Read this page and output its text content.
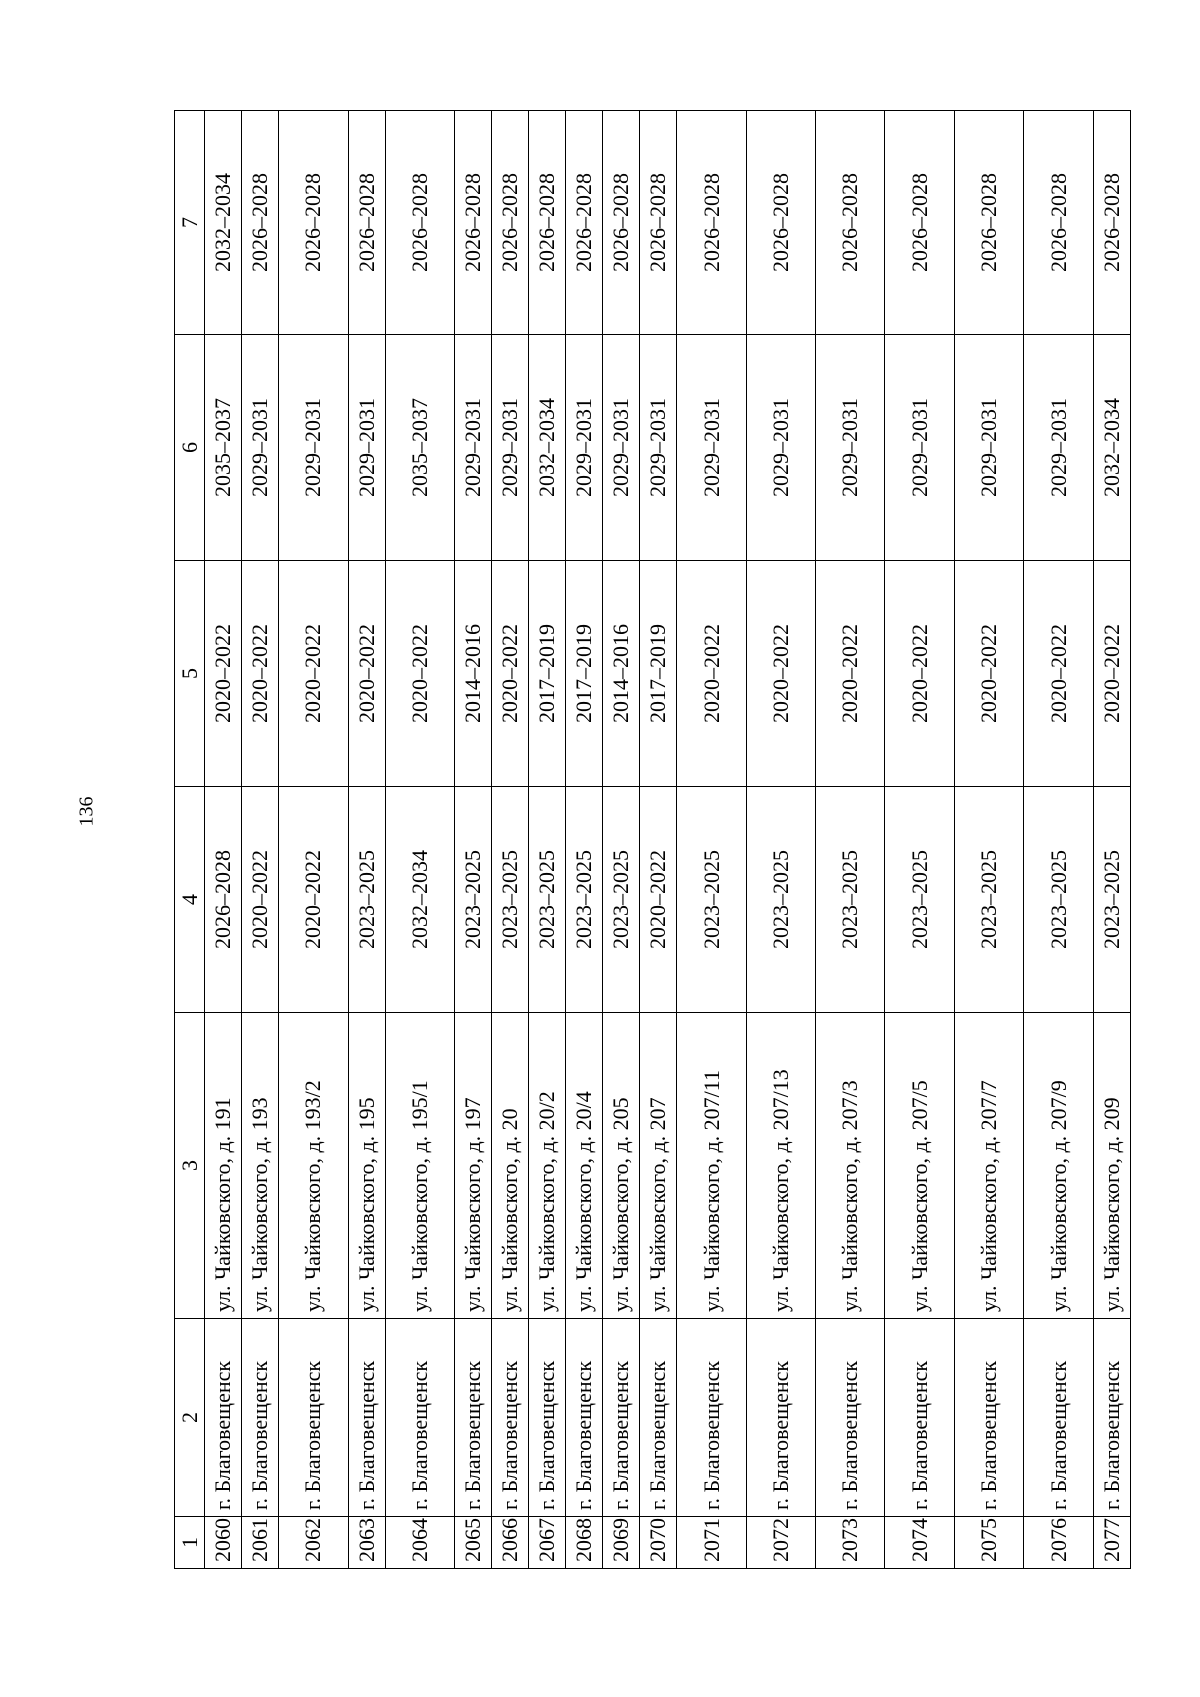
136
1	2	3	4	5	6	7
2060	г. Благовещенск	ул. Чайковского, д. 191	2026–2028	2020–2022	2035–2037	2032–2034
2061	г. Благовещенск	ул. Чайковского, д. 193	2020–2022	2020–2022	2029–2031	2026–2028
2062	г. Благовещенск	ул. Чайковского, д. 193/2	2020–2022	2020–2022	2029–2031	2026–2028
2063	г. Благовещенск	ул. Чайковского, д. 195	2023–2025	2020–2022	2029–2031	2026–2028
2064	г. Благовещенск	ул. Чайковского, д. 195/1	2032–2034	2020–2022	2035–2037	2026–2028
2065	г. Благовещенск	ул. Чайковского, д. 197	2023–2025	2014–2016	2029–2031	2026–2028
2066	г. Благовещенск	ул. Чайковского, д. 20	2023–2025	2020–2022	2029–2031	2026–2028
2067	г. Благовещенск	ул. Чайковского, д. 20/2	2023–2025	2017–2019	2032–2034	2026–2028
2068	г. Благовещенск	ул. Чайковского, д. 20/4	2023–2025	2017–2019	2029–2031	2026–2028
2069	г. Благовещенск	ул. Чайковского, д. 205	2023–2025	2014–2016	2029–2031	2026–2028
2070	г. Благовещенск	ул. Чайковского, д. 207	2020–2022	2017–2019	2029–2031	2026–2028
2071	г. Благовещенск	ул. Чайковского, д. 207/11	2023–2025	2020–2022	2029–2031	2026–2028
2072	г. Благовещенск	ул. Чайковского, д. 207/13	2023–2025	2020–2022	2029–2031	2026–2028
2073	г. Благовещенск	ул. Чайковского, д. 207/3	2023–2025	2020–2022	2029–2031	2026–2028
2074	г. Благовещенск	ул. Чайковского, д. 207/5	2023–2025	2020–2022	2029–2031	2026–2028
2075	г. Благовещенск	ул. Чайковского, д. 207/7	2023–2025	2020–2022	2029–2031	2026–2028
2076	г. Благовещенск	ул. Чайковского, д. 207/9	2023–2025	2020–2022	2029–2031	2026–2028
2077	г. Благовещенск	ул. Чайковского, д. 209	2023–2025	2020–2022	2032–2034	2026–2028
